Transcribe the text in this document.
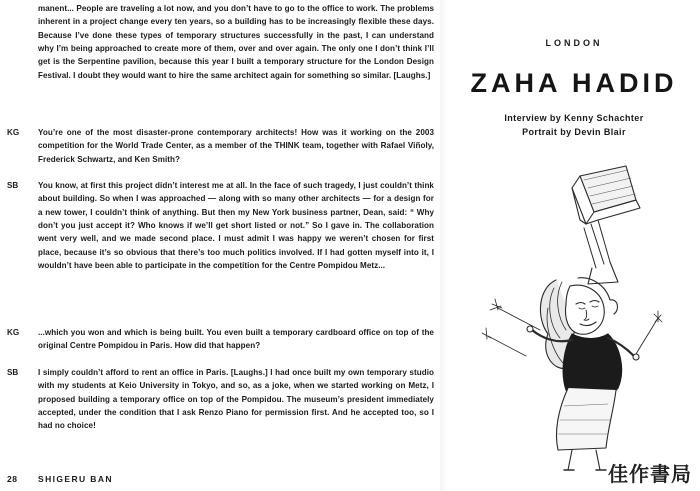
manent... People are traveling a lot now, and you don’t have to go to the office to work. The problems inherent in a project change every ten years, so a building has to be increasingly flexible these days. Because I’ve done these types of temporary structures successfully in the past, I can understand why I’m being approached to create more of them, over and over again. The only one I don’t think I’ll get is the Serpentine pavilion, because this year I built a temporary structure for the London Design Festival. I doubt they would want to hire the same architect again for something so similar. [Laughs.]
KG You’re one of the most disaster-prone contemporary architects! How was it working on the 2003 competition for the World Trade Center, as a member of the THINK team, together with Rafael Viñoly, Frederick Schwartz, and Ken Smith?
SB You know, at first this project didn’t interest me at all. In the face of such tragedy, I just couldn’t think about building. So when I was approached — along with so many other architects — for a design for a new tower, I couldn’t think of anything. But then my New York business partner, Dean, said: “ Why don’t you just accept it? Who knows if we’ll get short listed or not.” So I gave in. The collaboration went very well, and we made second place. I must admit I was happy we weren’t chosen for first place, because it’s so obvious that there’s too much politics involved. If I had gotten myself into it, I wouldn’t have been able to participate in the competition for the Centre Pompidou Metz...
KG ...which you won and which is being built. You even built a temporary cardboard office on top of the original Centre Pompidou in Paris. How did that happen?
SB I simply couldn’t afford to rent an office in Paris. [Laughs.] I had once built my own temporary studio with my students at Keio University in Tokyo, and so, as a joke, when we started working on Metz, I proposed building a temporary office on top of the Pompidou. The museum’s president immediately accepted, under the condition that I ask Renzo Piano for permission first. And he accepted too, so I had no choice!
28 SHIGERU BAN
LONDON
ZAHA HADID
Interview by Kenny Schachter
Portrait by Devin Blair
佳作書局
